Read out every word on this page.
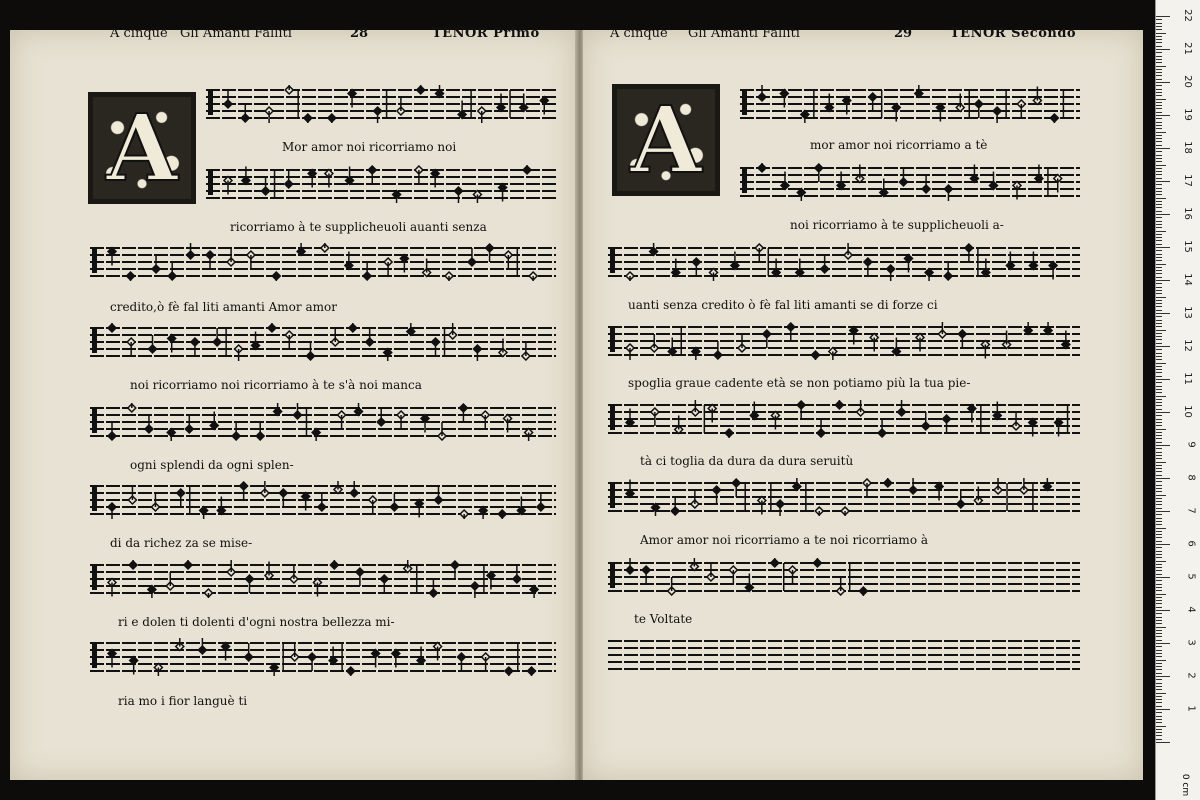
A cinque Gli Amanti Falliti	28	TENOR Primo	A cinque Gli Amanti Falliti	29	TENOR Secondo
A	A
Mor amor noi ricorriamo noi
ricorriamo à te supplicheuoli auanti senza
credito,ò fè fal liti amanti Amor amor
noi ricorriamo noi ricorriamo à te s'à noi manca
ogni splendi da ogni splen-
di da richez za se mise-
ri e dolen ti dolenti d'ogni nostra bellezza mi-
ria mo i fior languè ti
mor amor noi ricorriamo a tè
noi ricorriamo à te supplicheuoli a-
uanti senza credito ò fè fal liti amanti se di forze ci
spoglia graue cadente età se non potiamo più la tua pie-
tà ci toglia da dura da dura seruitù
Amor amor noi ricorriamo a te noi ricorriamo à
te Voltate
0 cm
1
2
3
4
5
6
7
8
9
10
11
12
13
14
15
16
17
18
19
20
21
22
